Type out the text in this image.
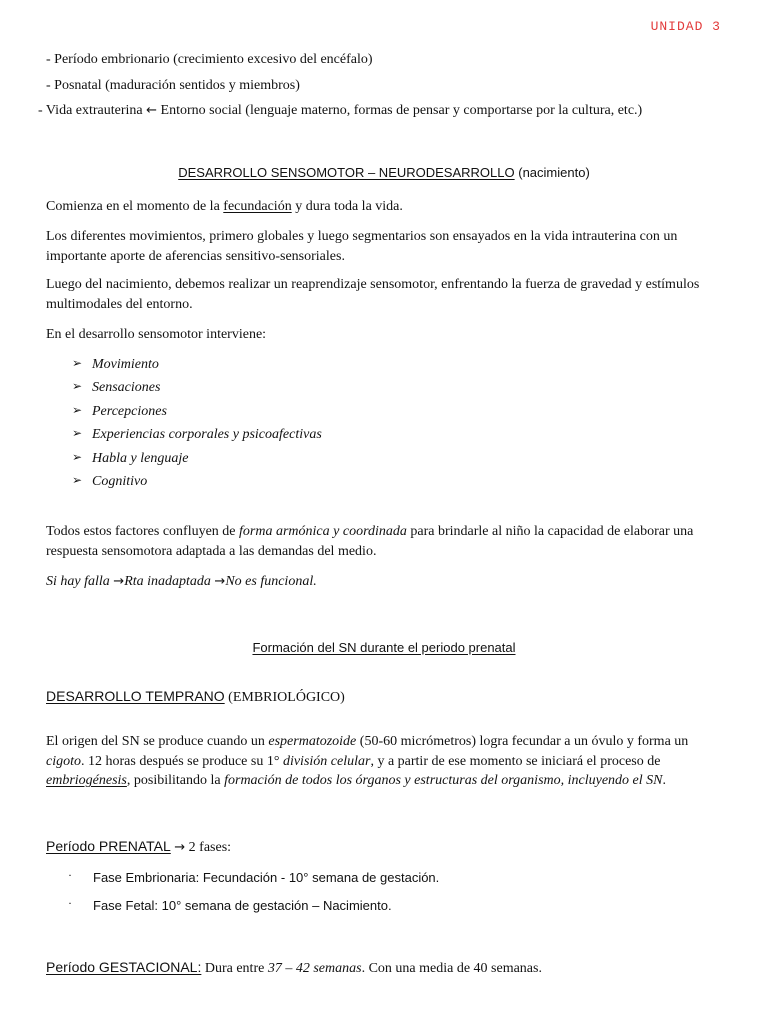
UNIDAD 3
- Período embrionario (crecimiento excesivo del encéfalo)
- Posnatal (maduración sentidos y miembros)
- Vida extrauterina ← Entorno social (lenguaje materno, formas de pensar y comportarse por la cultura, etc.)
DESARROLLO SENSOMOTOR – NEURODESARROLLO (nacimiento)
Comienza en el momento de la fecundación y dura toda la vida.
Los diferentes movimientos, primero globales y luego segmentarios son ensayados en la vida intrauterina con un importante aporte de aferencias sensitivo-sensoriales.
Luego del nacimiento, debemos realizar un reaprendizaje sensomotor, enfrentando la fuerza de gravedad y estímulos multimodales del entorno.
En el desarrollo sensomotor interviene:
➢ Movimiento
➢ Sensaciones
➢ Percepciones
➢ Experiencias corporales y psicoafectivas
➢ Habla y lenguaje
➢ Cognitivo
Todos estos factores confluyen de forma armónica y coordinada para brindarle al niño la capacidad de elaborar una respuesta sensomotora adaptada a las demandas del medio.
Si hay falla →Rta inadaptada →No es funcional.
Formación del SN durante el periodo prenatal
DESARROLLO TEMPRANO (EMBRIOLÓGICO)
El origen del SN se produce cuando un espermatozoide (50-60 micrómetros) logra fecundar a un óvulo y forma un cigoto. 12 horas después se produce su 1° división celular, y a partir de ese momento se iniciará el proceso de embriogénesis, posibilitando la formación de todos los órganos y estructuras del organismo, incluyendo el SN.
Período PRENATAL → 2 fases:
· Fase Embrionaria: Fecundación - 10° semana de gestación.
· Fase Fetal: 10° semana de gestación – Nacimiento.
Período GESTACIONAL: Dura entre 37 – 42 semanas. Con una media de 40 semanas.
